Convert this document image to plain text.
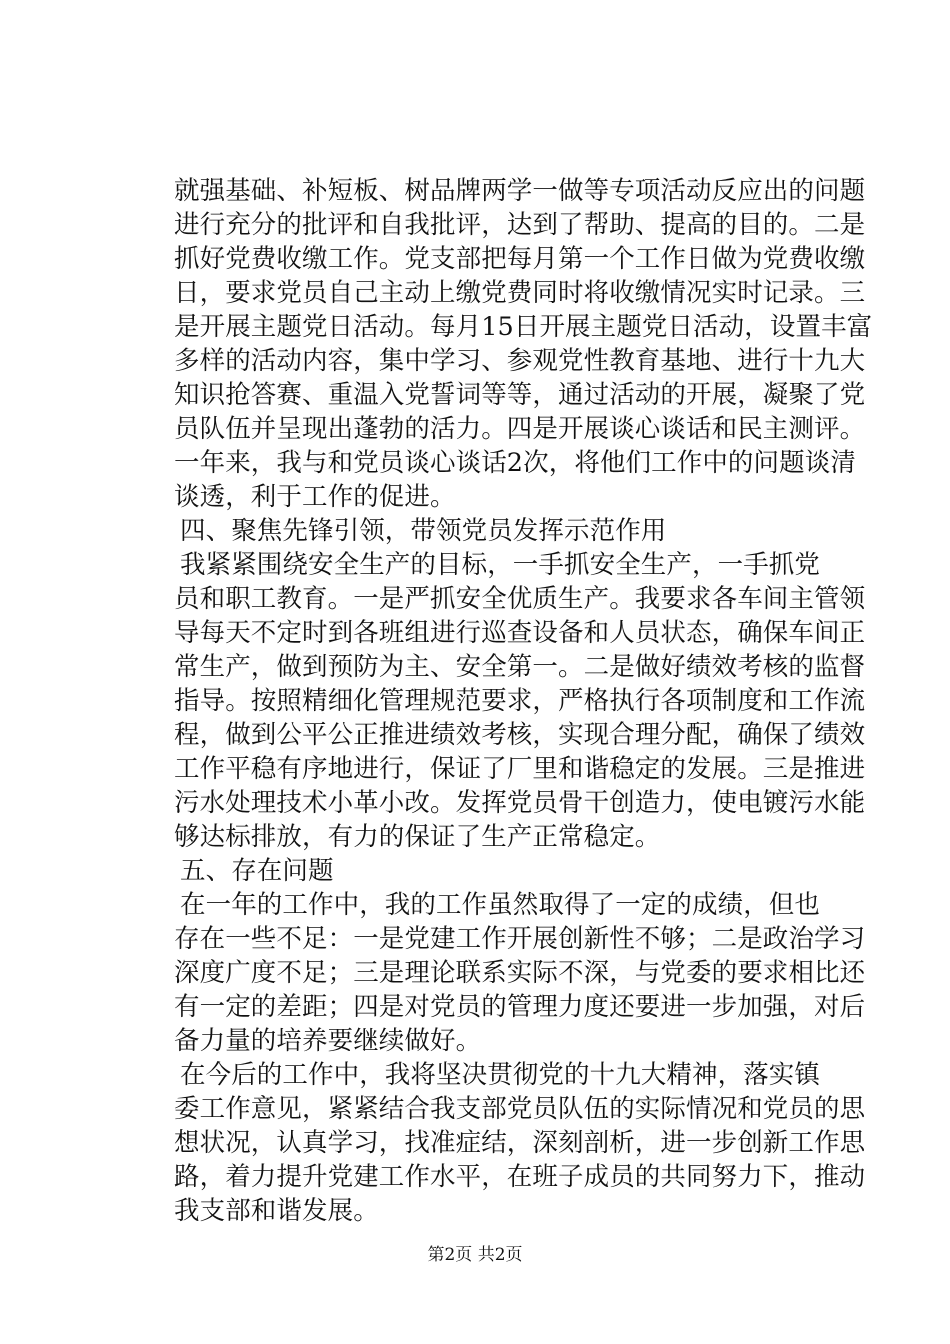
就强基础、补短板、树品牌两学一做等专项活动反应出的问题
进行充分的批评和自我批评，达到了帮助、提高的目的。二是
抓好党费收缴工作。党支部把每月第一个工作日做为党费收缴
日，要求党员自己主动上缴党费同时将收缴情况实时记录。三
是开展主题党日活动。每月15日开展主题党日活动，设置丰富
多样的活动内容，集中学习、参观党性教育基地、进行十九大
知识抢答赛、重温入党誓词等等，通过活动的开展，凝聚了党
员队伍并呈现出蓬勃的活力。四是开展谈心谈话和民主测评。
一年来，我与和党员谈心谈话2次，将他们工作中的问题谈清
谈透，利于工作的促进。
四、聚焦先锋引领，带领党员发挥示范作用
我紧紧围绕安全生产的目标，一手抓安全生产，一手抓党
员和职工教育。一是严抓安全优质生产。我要求各车间主管领
导每天不定时到各班组进行巡查设备和人员状态，确保车间正
常生产，做到预防为主、安全第一。二是做好绩效考核的监督
指导。按照精细化管理规范要求，严格执行各项制度和工作流
程，做到公平公正推进绩效考核，实现合理分配，确保了绩效
工作平稳有序地进行，保证了厂里和谐稳定的发展。三是推进
污水处理技术小革小改。发挥党员骨干创造力，使电镀污水能
够达标排放，有力的保证了生产正常稳定。
五、存在问题
在一年的工作中，我的工作虽然取得了一定的成绩，但也
存在一些不足：一是党建工作开展创新性不够；二是政治学习
深度广度不足；三是理论联系实际不深，与党委的要求相比还
有一定的差距；四是对党员的管理力度还要进一步加强，对后
备力量的培养要继续做好。
在今后的工作中，我将坚决贯彻党的十九大精神，落实镇
委工作意见，紧紧结合我支部党员队伍的实际情况和党员的思
想状况，认真学习，找准症结，深刻剖析，进一步创新工作思
路，着力提升党建工作水平，在班子成员的共同努力下，推动
我支部和谐发展。
第2页 共2页
